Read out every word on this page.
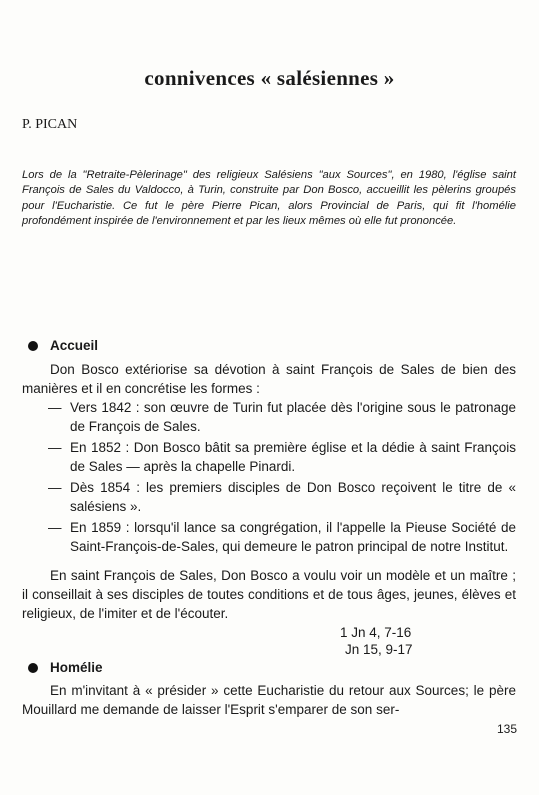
connivences « salésiennes »
P. PICAN
Lors de la "Retraite-Pèlerinage" des religieux Salésiens "aux Sources", en 1980, l'église saint François de Sales du Valdocco, à Turin, construite par Don Bosco, accueillit les pèlerins groupés pour l'Eucharistie. Ce fut le père Pierre Pican, alors Provincial de Paris, qui fit l'homélie profondément inspirée de l'environnement et par les lieux mêmes où elle fut prononcée.
Accueil

Don Bosco extériorise sa dévotion à saint François de Sales de bien des manières et il en concrétise les formes :

— Vers 1842 : son œuvre de Turin fut placée dès l'origine sous le patronage de François de Sales.
— En 1852 : Don Bosco bâtit sa première église et la dédie à saint François de Sales — après la chapelle Pinardi.
— Dès 1854 : les premiers disciples de Don Bosco reçoivent le titre de « salésiens ».
— En 1859 : lorsqu'il lance sa congrégation, il l'appelle la Pieuse Société de Saint-François-de-Sales, qui demeure le patron principal de notre Institut.

En saint François de Sales, Don Bosco a voulu voir un modèle et un maître ; il conseillait à ses disciples de toutes conditions et de tous âges, jeunes, élèves et religieux, de l'imiter et de l'écouter.

1 Jn 4, 7-16
Jn 15, 9-17
Homélie

En m'invitant à « présider » cette Eucharistie du retour aux Sources; le père Mouillard me demande de laisser l'Esprit s'emparer de son ser-

135
